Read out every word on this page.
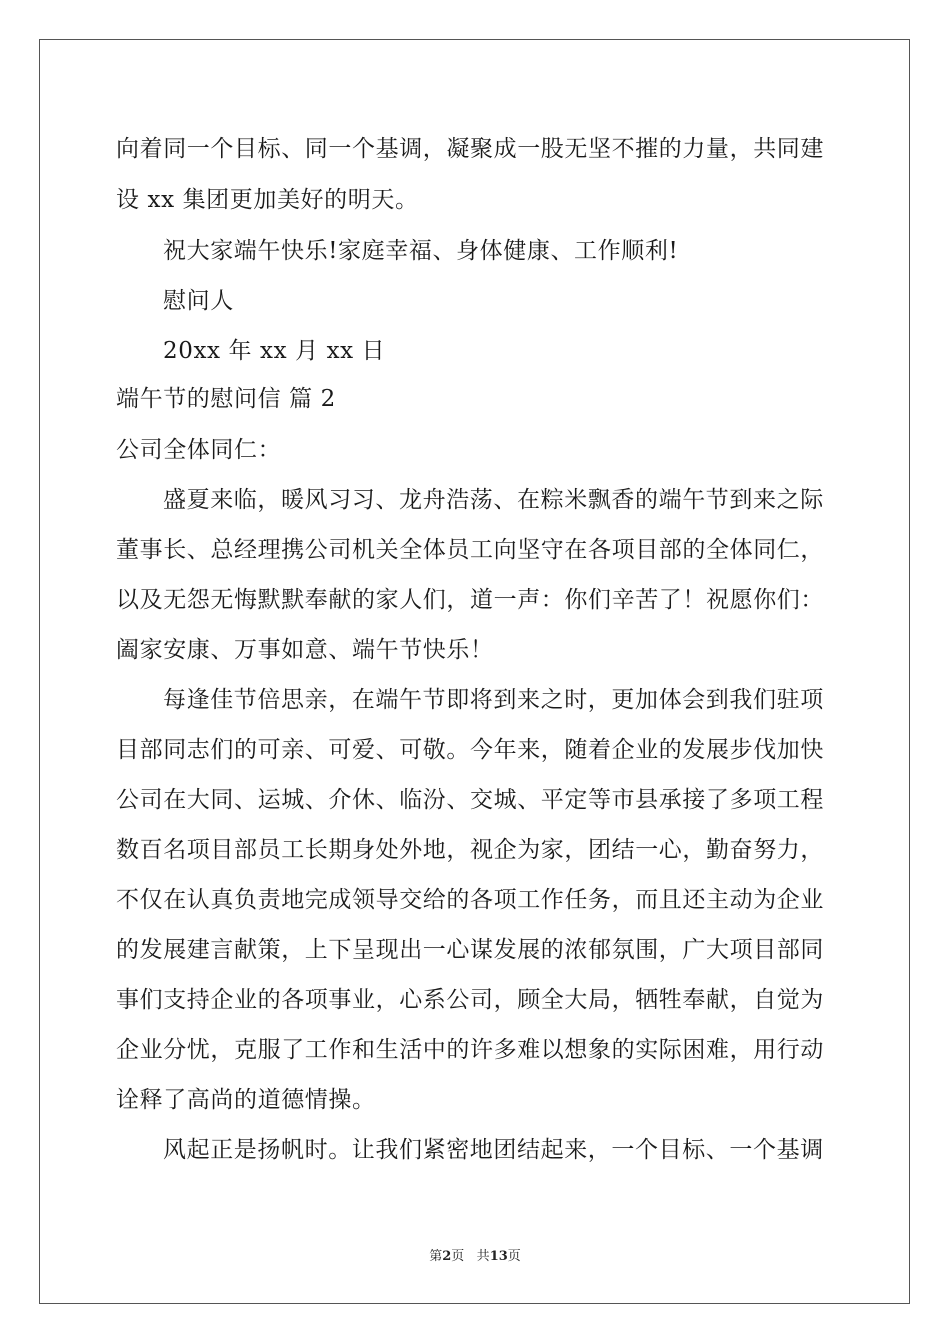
向着同一个目标、同一个基调，凝聚成一股无坚不摧的力量，共同建
设 xx 集团更加美好的明天。
祝大家端午快乐!家庭幸福、身体健康、工作顺利!
慰问人
20xx 年 xx 月 xx 日
端午节的慰问信 篇 2
公司全体同仁：
盛夏来临，暖风习习、龙舟浩荡、在粽米飘香的端午节到来之际
董事长、总经理携公司机关全体员工向坚守在各项目部的全体同仁，
以及无怨无悔默默奉献的家人们，道一声：你们辛苦了！祝愿你们：
阖家安康、万事如意、端午节快乐！
每逢佳节倍思亲，在端午节即将到来之时，更加体会到我们驻项
目部同志们的可亲、可爱、可敬。今年来，随着企业的发展步伐加快
公司在大同、运城、介休、临汾、交城、平定等市县承接了多项工程
数百名项目部员工长期身处外地，视企为家，团结一心，勤奋努力，
不仅在认真负责地完成领导交给的各项工作任务，而且还主动为企业
的发展建言献策，上下呈现出一心谋发展的浓郁氛围，广大项目部同
事们支持企业的各项事业，心系公司，顾全大局，牺牲奉献，自觉为
企业分忧，克服了工作和生活中的许多难以想象的实际困难，用行动
诠释了高尚的道德情操。
风起正是扬帆时。让我们紧密地团结起来，一个目标、一个基调
第2页 共13页
